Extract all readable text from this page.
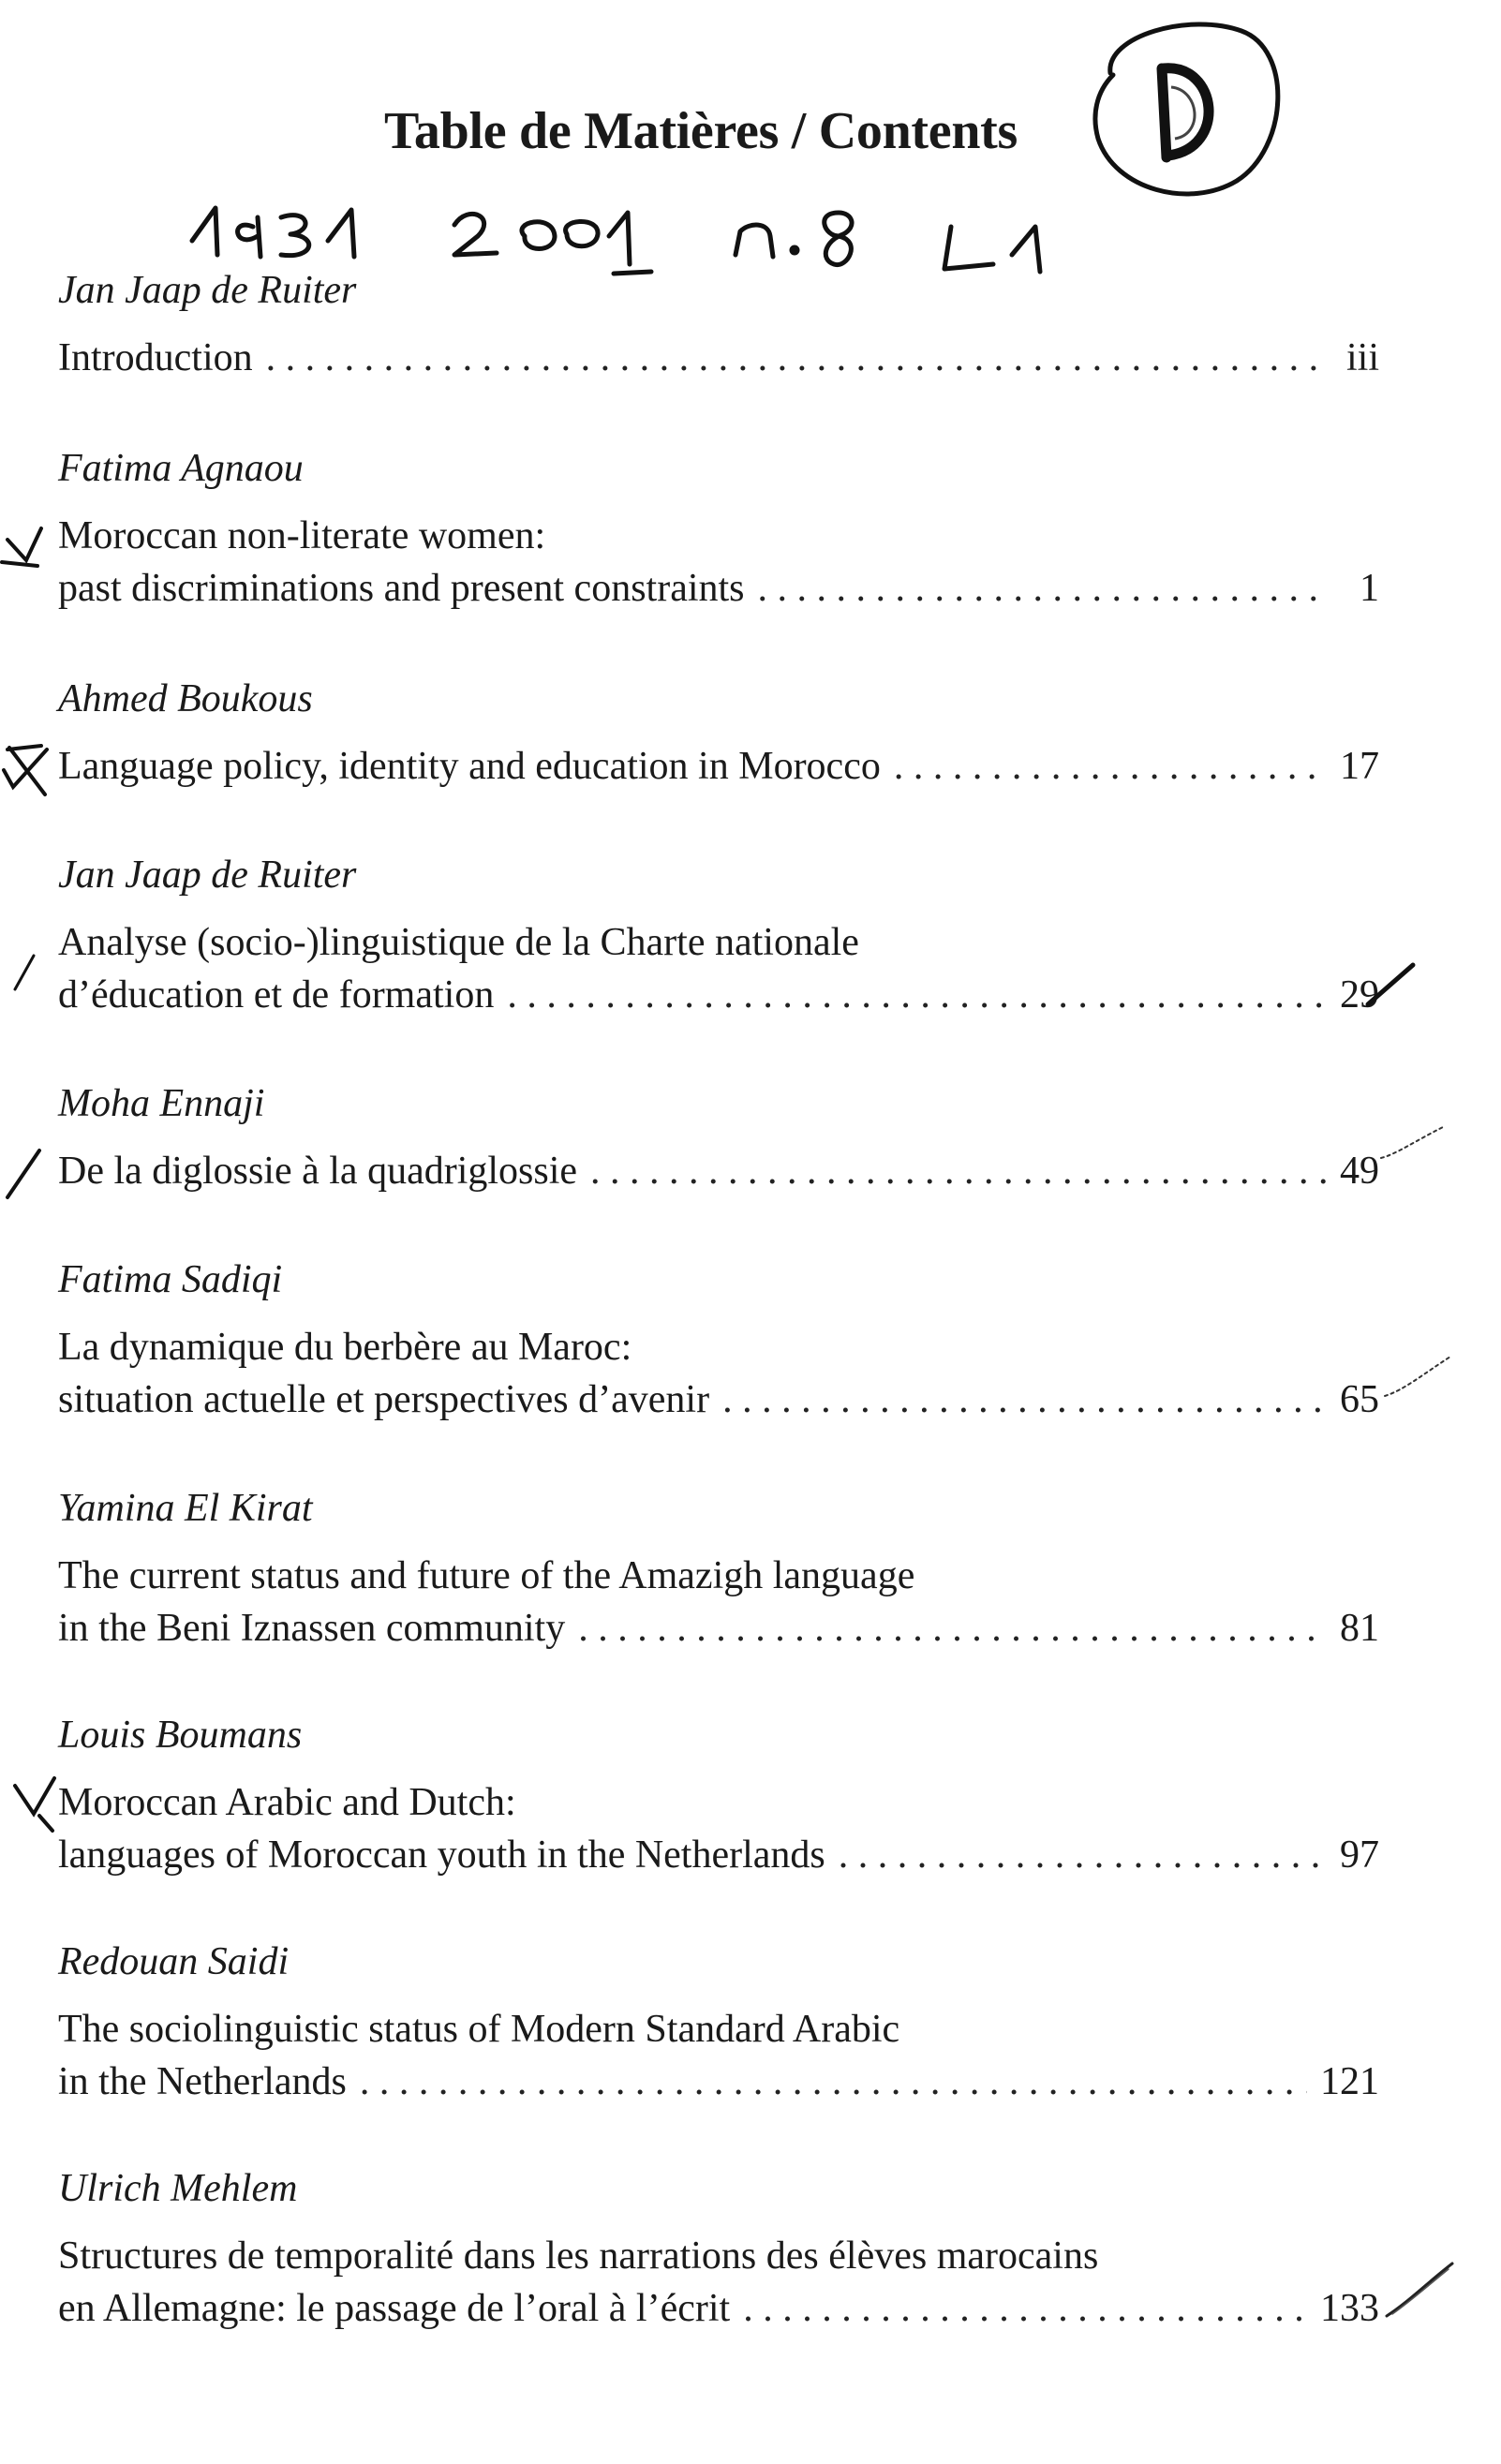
Table de Matières / Contents
Jan Jaap de Ruiter
Introduction . . .	iii
Fatima Agnaou
Moroccan non-literate women:
past discriminations and present constraints . . .	1
Ahmed Boukous
Language policy, identity and education in Morocco . . .	17
Jan Jaap de Ruiter
Analyse (socio-)linguistique de la Charte nationale
d’éducation et de formation . . .	29
Moha Ennaji
De la diglossie à la quadriglossie . . .	49
Fatima Sadiqi
La dynamique du berbère au Maroc:
situation actuelle et perspectives d’avenir . . .	65
Yamina El Kirat
The current status and future of the Amazigh language
in the Beni Iznassen community . . .	81
Louis Boumans
Moroccan Arabic and Dutch:
languages of Moroccan youth in the Netherlands . . .	97
Redouan Saidi
The sociolinguistic status of Modern Standard Arabic
in the Netherlands . . .	121
Ulrich Mehlem
Structures de temporalité dans les narrations des élèves marocains
en Allemagne: le passage de l’oral à l’écrit . . .	133
